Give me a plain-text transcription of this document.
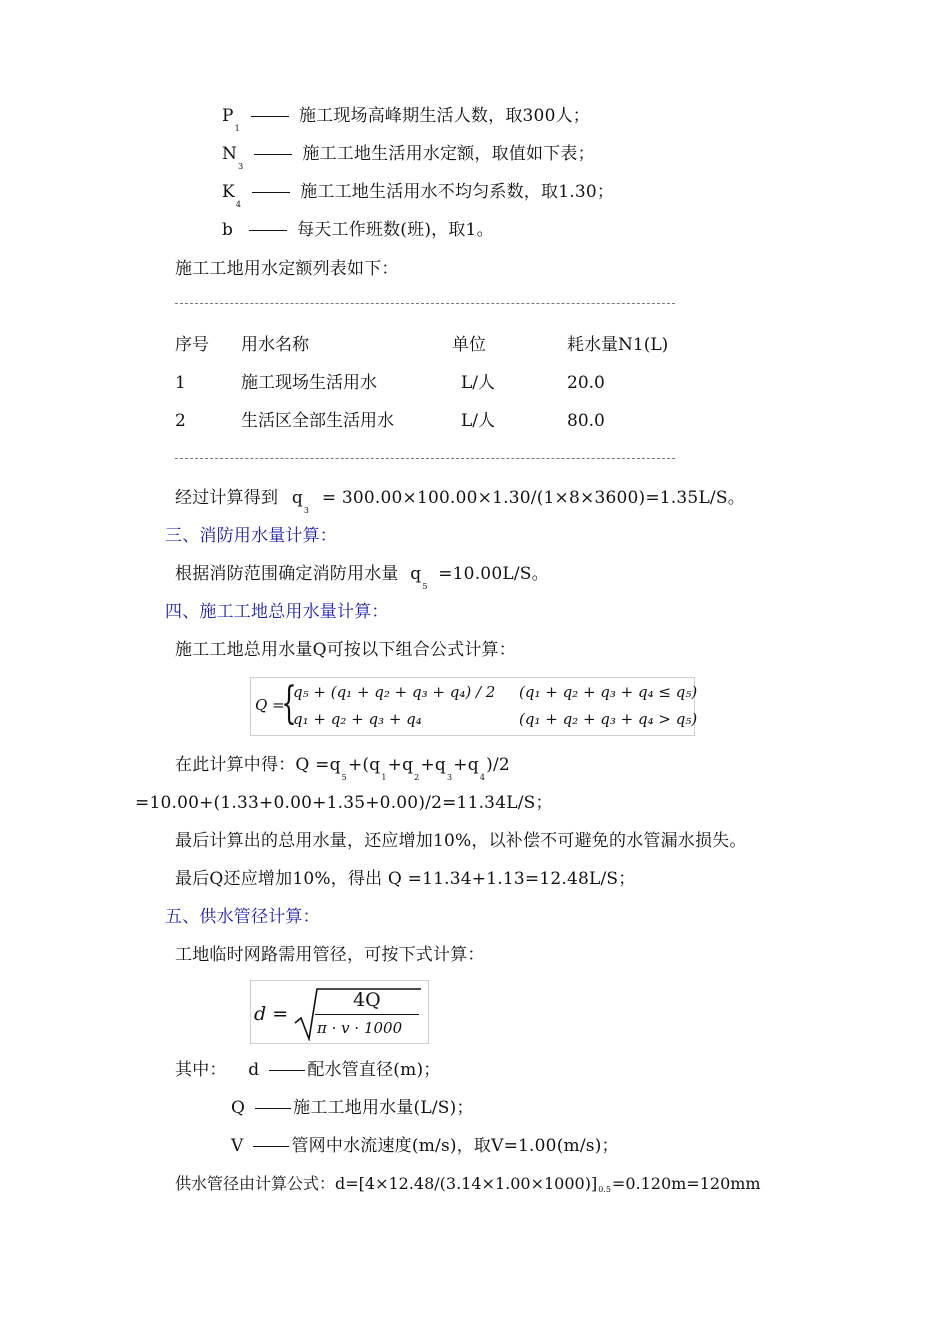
$P_1$施工现场高峰期生活人数，取300人；
$N_3$施工工地生活用水定额，取值如下表；
$K_4$施工工地生活用水不均匀系数，取1.30；
b	每天工作班数(班)，取1。
施工工地用水定额列表如下：
序号 用水名称	单位	耗水量N1(L)
1	施工现场生活用水	L/人	20.0
2	生活区全部生活用水	L/人	80.0
经过计算得到 $q_3 = 300.00\times 100.00\times 1.30/(1\times 8\times 3600)=1.35L/S$。
三、消防用水量计算：
根据消防范围确定消防用水量 $q_5 =10.00L/S$。
四、施工工地总用水量计算：
施工工地总用水量Q可按以下组合公式计算：
Q =
{
q₅ + (q₁ + q₂ + q₃ + q₄) / 2 (q₁ + q₂ + q₃ + q₄ ≤ q₅)
q₁ + q₂ + q₃ + q₄	(q₁ + q₂ + q₃ + q₄ > q₅)
在此计算中得：$Q =q_5+(q_1+q_2+q_3+q_4)/2$
=10.00+(1.33+0.00+1.35+0.00)/2=11.34L/S；
最后计算出的总用水量，还应增加10%，以补偿不可避免的水管漏水损失。
最后Q还应增加10%，得出 Q =11.34+1.13=12.48L/S；
五、供水管径计算：
工地临时网路需用管径，可按下式计算：
d =
4Q
π · v · 1000
其中： d	配水管直径(m)；
Q	施工工地用水量(L/S)；
V	管网中水流速度(m/s)，取V=1.00(m/s)；
供水管径由计算公式：d=[4×12.48/(3.14×1.00×1000)]0.5=0.120m=120mm
